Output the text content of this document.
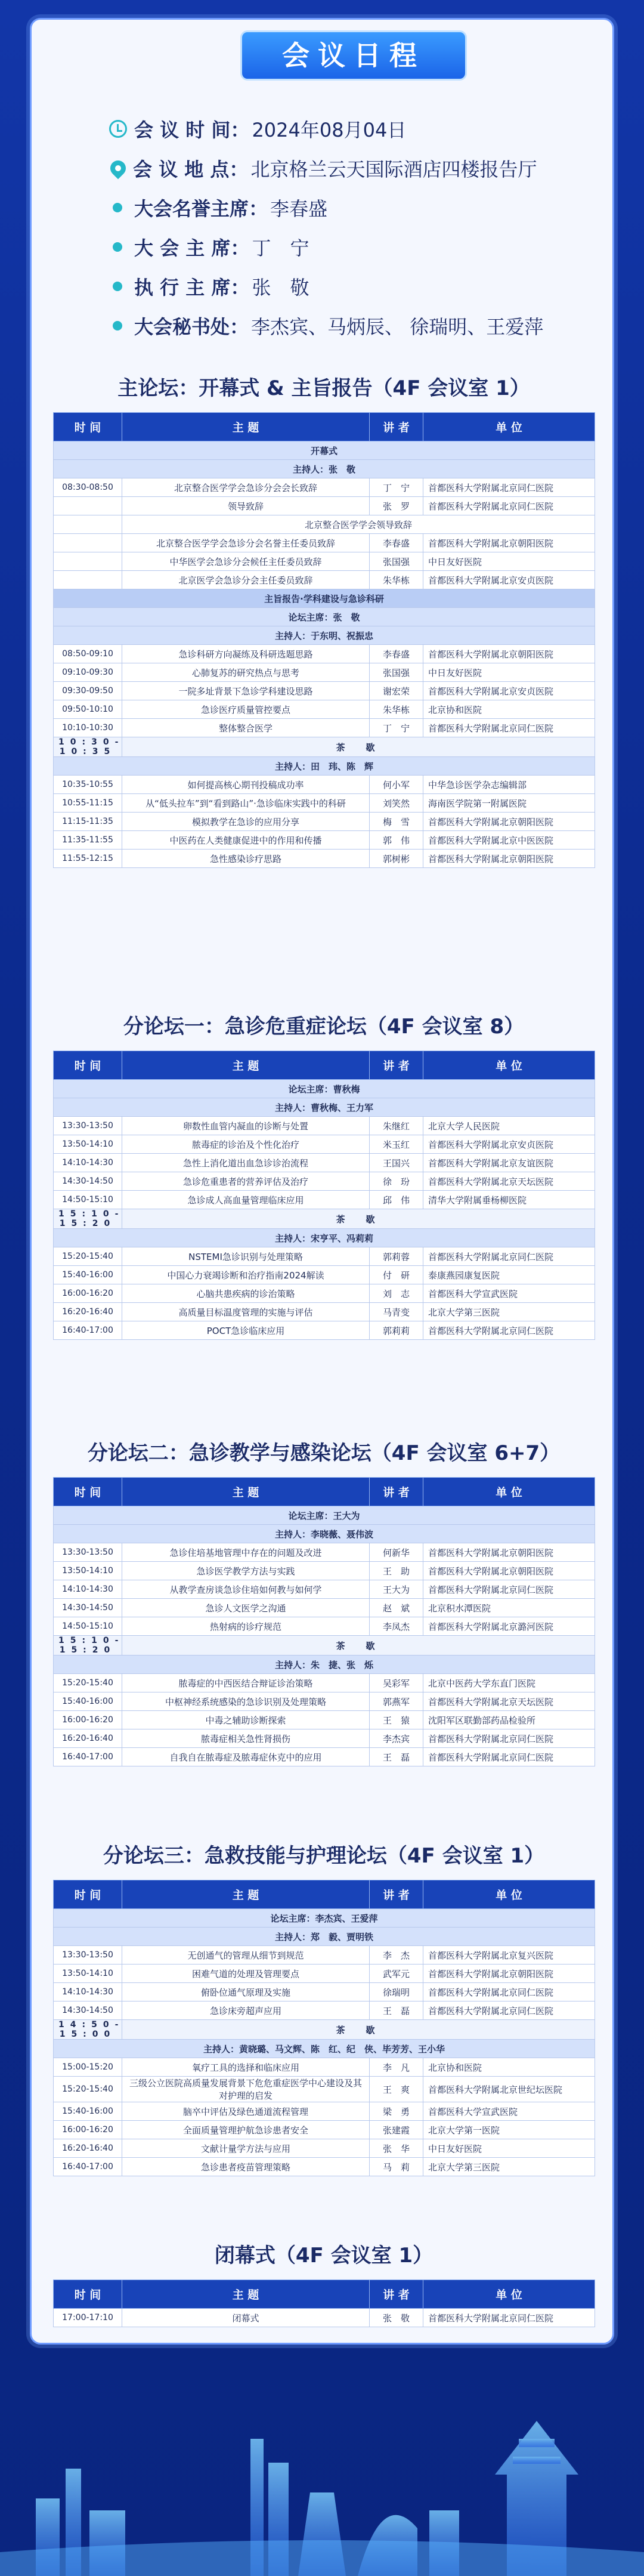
会议日程
会 议 时 间： 2024年08月04日
会 议 地 点： 北京格兰云天国际酒店四楼报告厅
大会名誉主席： 李春盛
大 会 主 席： 丁　宁
执 行 主 席： 张　敬
大会秘书处： 李杰宾、马炳辰、 徐瑞明、王爱萍
主论坛：开幕式 & 主旨报告（4F 会议室 1）
时 间	主 题	讲 者	单 位
开幕式			
主持人：张　敬			
08:30-08:50	北京整合医学学会急诊分会会长致辞	丁　宁	首都医科大学附属北京同仁医院
	领导致辞	张　罗	首都医科大学附属北京同仁医院
	北京整合医学学会领导致辞		
	北京整合医学学会急诊分会名誉主任委员致辞	李春盛	首都医科大学附属北京朝阳医院
	中华医学会急诊分会候任主任委员致辞	张国强	中日友好医院
	北京医学会急诊分会主任委员致辞	朱华栋	首都医科大学附属北京安贞医院
主旨报告·学科建设与急诊科研			
论坛主席：张　敬			
主持人：于东明、祝振忠			
08:50-09:10	急诊科研方向凝练及科研选题思路	李春盛	首都医科大学附属北京朝阳医院
09:10-09:30	心肺复苏的研究热点与思考	张国强	中日友好医院
09:30-09:50	一院多址背景下急诊学科建设思路	谢宏荣	首都医科大学附属北京安贞医院
09:50-10:10	急诊医疗质量管控要点	朱华栋	北京协和医院
10:10-10:30	整体整合医学	丁　宁	首都医科大学附属北京同仁医院
10:30-10:35	茶　歇		
主持人：田　玮、陈　辉			
10:35-10:55	如何提高核心期刊投稿成功率	何小军	中华急诊医学杂志编辑部
10:55-11:15	从“低头拉车”到“看到路山”·急诊临床实践中的科研	刘笑然	海南医学院第一附属医院
11:15-11:35	模拟教学在急诊的应用分享	梅　雪	首都医科大学附属北京朝阳医院
11:35-11:55	中医药在人类健康促进中的作用和传播	郭　伟	首都医科大学附属北京中医医院
11:55-12:15	急性感染诊疗思路	郭树彬	首都医科大学附属北京朝阳医院
分论坛一：急诊危重症论坛（4F 会议室 8）
时 间	主 题	讲 者	单 位
论坛主席：曹秋梅			
主持人：曹秋梅、王力军			
13:30-13:50	卵数性血管内凝血的诊断与处置	朱继红	北京大学人民医院
13:50-14:10	脓毒症的诊治及个性化治疗	米玉红	首都医科大学附属北京安贞医院
14:10-14:30	急性上消化道出血急诊诊治流程	王国兴	首都医科大学附属北京友谊医院
14:30-14:50	急诊危重患者的营养评估及治疗	徐　玢	首都医科大学附属北京天坛医院
14:50-15:10	急诊成人高血量管理临床应用	邱　伟	清华大学附属垂杨柳医院
15:10-15:20	茶　歇		
主持人：宋亨平、冯莉莉			
15:20-15:40	NSTEMI急诊识别与处理策略	郭莉蓉	首都医科大学附属北京同仁医院
15:40-16:00	中国心力衰竭诊断和治疗指南2024解读	付　研	泰康燕园康复医院
16:00-16:20	心脑共患疾病的诊治策略	刘　志	首都医科大学宣武医院
16:20-16:40	高质量目标温度管理的实施与评估	马青变	北京大学第三医院
16:40-17:00	POCT急诊临床应用	郭莉莉	首都医科大学附属北京同仁医院
分论坛二：急诊教学与感染论坛（4F 会议室 6+7）
时 间	主 题	讲 者	单 位
论坛主席：王大为			
主持人：李晓薇、聂伟波			
13:30-13:50	急诊住培基地管理中存在的问题及改进	何新华	首都医科大学附属北京朝阳医院
13:50-14:10	急诊医学教学方法与实践	王　助	首都医科大学附属北京朝阳医院
14:10-14:30	从教学查房谈急诊住培如何教与如何学	王大为	首都医科大学附属北京同仁医院
14:30-14:50	急诊人文医学之沟通	赵　斌	北京积水潭医院
14:50-15:10	热射病的诊疗规范	李凤杰	首都医科大学附属北京潞河医院
15:10-15:20	茶　歇		
主持人：朱　捷、张　烁			
15:20-15:40	脓毒症的中西医结合辩证诊治策略	吴彩军	北京中医药大学东直门医院
15:40-16:00	中枢神经系统感染的急诊识别及处理策略	郭燕军	首都医科大学附属北京天坛医院
16:00-16:20	中毒之辅助诊断探索	王　猿	沈阳军区联勤部药品检验所
16:20-16:40	脓毒症相关急性肾损伤	李杰宾	首都医科大学附属北京同仁医院
16:40-17:00	自我自在脓毒症及脓毒症休克中的应用	王　磊	首都医科大学附属北京同仁医院
分论坛三：急救技能与护理论坛（4F 会议室 1）
时 间	主 题	讲 者	单 位
论坛主席：李杰宾、王爱萍			
主持人：郑　毅、贾明铁			
13:30-13:50	无创通气的管理从细节到规范	李　杰	首都医科大学附属北京复兴医院
13:50-14:10	困难气道的处理及管理要点	武军元	首都医科大学附属北京朝阳医院
14:10-14:30	俯卧位通气原理及实施	徐瑞明	首都医科大学附属北京同仁医院
14:30-14:50	急诊床旁超声应用	王　磊	首都医科大学附属北京同仁医院
14:50-15:00	茶　歇		
主持人：黄晓璐、马文辉、陈　红、纪　侠、毕芳芳、王小华			
15:00-15:20	氧疗工具的选择和临床应用	李　凡	北京协和医院
15:20-15:40	三级公立医院高质量发展背景下危危重症医学中心建设及其对护理的启发	王　爽	首都医科大学附属北京世纪坛医院
15:40-16:00	脑卒中评估及绿色通道流程管理	梁　勇	首都医科大学宣武医院
16:00-16:20	全面质量管理护航急诊患者安全	张建霞	北京大学第一医院
16:20-16:40	文献计量学方法与应用	张　华	中日友好医院
16:40-17:00	急诊患者疫苗管理策略	马　莉	北京大学第三医院
闭幕式（4F 会议室 1）
时 间	主 题	讲 者	单 位
17:00-17:10	闭幕式	张　敬	首都医科大学附属北京同仁医院
